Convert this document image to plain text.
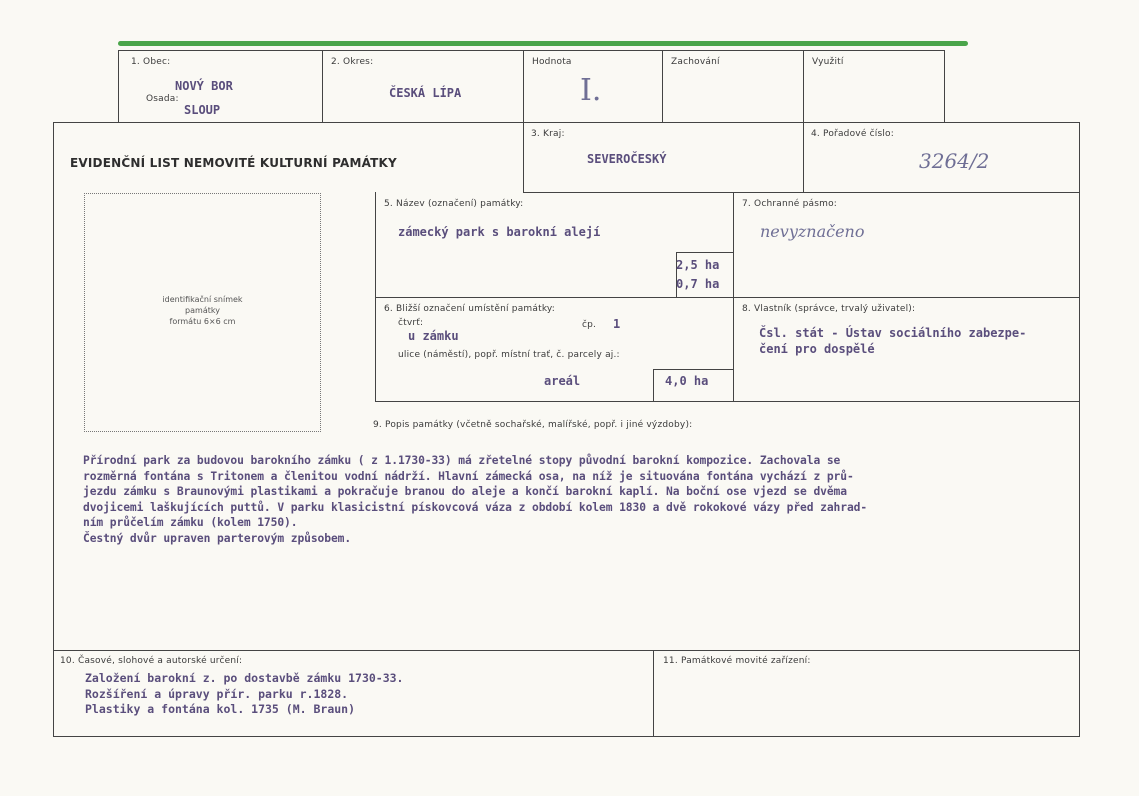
1. Obec:
NOVÝ BOR
Osada:
SLOUP
2. Okres:
ČESKÁ LÍPA
Hodnota
I.
Zachování	Využití
EVIDENČNÍ LIST NEMOVITÉ KULTURNÍ PAMÁTKY
3. Kraj:
SEVEROČESKÝ
4. Pořadové číslo:
3264/2
identifikační snímek
památky
formátu 6×6 cm
5. Název (označení) památky:
zámecký park s barokní alejí
2,5 ha
0,7 ha
7. Ochranné pásmo:
nevyznačeno
6. Bližší označení umístění památky:
čtvrť:
u zámku
čp. 1
ulice (náměstí), popř. místní trať, č. parcely aj.:
areál	4,0 ha
8. Vlastník (správce, trvalý uživatel):
Čsl. stát - Ústav sociálního zabezpe-
čení pro dospělé
9. Popis památky (včetně sochařské, malířské, popř. i jiné výzdoby):
Přírodní park za budovou barokního zámku ( z 1.1730-33) má zřetelné stopy původní barokní kompozice. Zachovala se
rozměrná fontána s Tritonem a členitou vodní nádrží. Hlavní zámecká osa, na níž je situována fontána vychází z prů-
jezdu zámku s Braunovými plastikami a pokračuje branou do aleje a končí barokní kaplí. Na boční ose vjezd se dvěma
dvojicemi laškujících puttů. V parku klasicistní pískovcová váza z období kolem 1830 a dvě rokokové vázy před zahrad-
ním průčelím zámku (kolem 1750).
Čestný dvůr upraven parterovým způsobem.
10. Časové, slohové a autorské určení:
Založení barokní z. po dostavbě zámku 1730-33.
Rozšíření a úpravy přír. parku r.1828.
Plastiky a fontána kol. 1735 (M. Braun)
11. Památkové movité zařízení:
